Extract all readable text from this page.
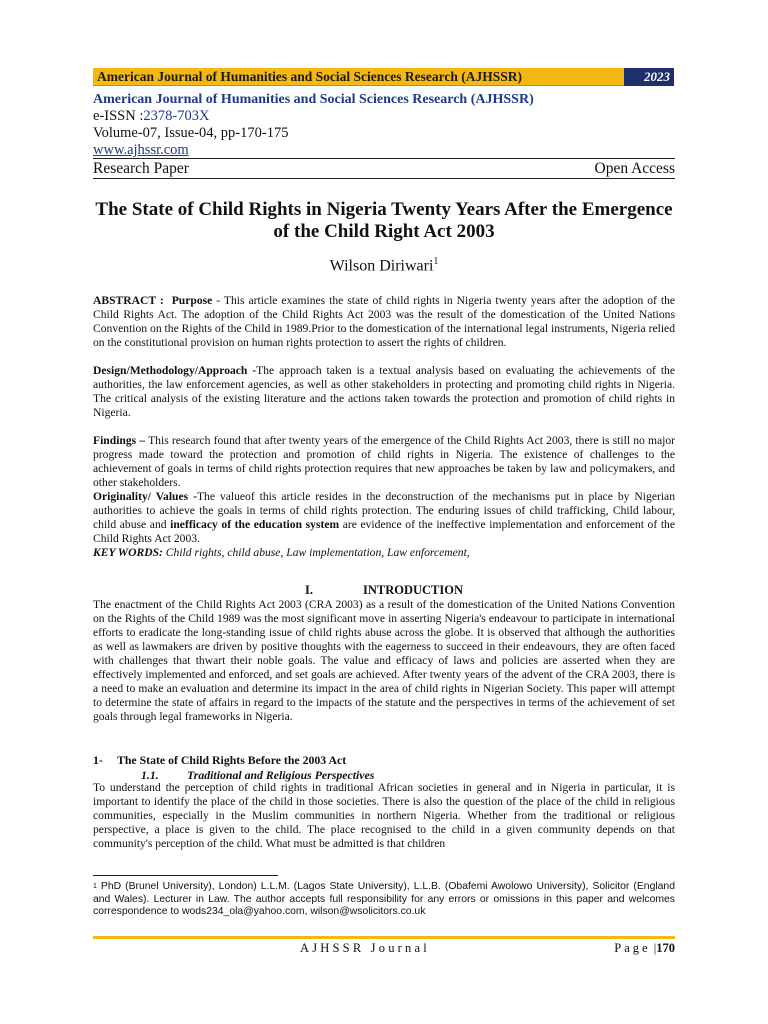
American Journal of Humanities and Social Sciences Research (AJHSSR)	2023
American Journal of Humanities and Social Sciences Research (AJHSSR)
e-ISSN :2378-703X
Volume-07, Issue-04, pp-170-175
www.ajhssr.com
Research Paper	Open Access
The State of Child Rights in Nigeria Twenty Years After the Emergence of the Child Right Act 2003
Wilson Diriwari$^1$
ABSTRACT : Purpose - This article examines the state of child rights in Nigeria twenty years after the adoption of the Child Rights Act. The adoption of the Child Rights Act 2003 was the result of the domestication of the United Nations Convention on the Rights of the Child in 1989.Prior to the domestication of the international legal instruments, Nigeria relied on the constitutional provision on human rights protection to assert the rights of children.
Design/Methodology/Approach -The approach taken is a textual analysis based on evaluating the achievements of the authorities, the law enforcement agencies, as well as other stakeholders in protecting and promoting child rights in Nigeria. The critical analysis of the existing literature and the actions taken towards the protection and promotion of child rights in Nigeria.
Findings – This research found that after twenty years of the emergence of the Child Rights Act 2003, there is still no major progress made toward the protection and promotion of child rights in Nigeria. The existence of challenges to the achievement of goals in terms of child rights protection requires that new approaches be taken by law and policymakers, and other stakeholders.
Originality/ Values -The valueof this article resides in the deconstruction of the mechanisms put in place by Nigerian authorities to achieve the goals in terms of child rights protection. The enduring issues of child trafficking, Child labour, child abuse and inefficacy of the education system are evidence of the ineffective implementation and enforcement of the Child Rights Act 2003.
KEY WORDS: Child rights, child abuse, Law implementation, Law enforcement,
I.	INTRODUCTION
The enactment of the Child Rights Act 2003 (CRA 2003) as a result of the domestication of the United Nations Convention on the Rights of the Child 1989 was the most significant move in asserting Nigeria's endeavour to participate in international efforts to eradicate the long-standing issue of child rights abuse across the globe. It is observed that although the authorities as well as lawmakers are driven by positive thoughts with the eagerness to succeed in their endeavours, they are often faced with challenges that thwart their noble goals. The value and efficacy of laws and policies are asserted when they are effectively implemented and enforced, and set goals are achieved. After twenty years of the advent of the CRA 2003, there is a need to make an evaluation and determine its impact in the area of child rights in Nigerian Society. This paper will attempt to determine the state of affairs in regard to the impacts of the statute and the perspectives in terms of the achievement of set goals through legal frameworks in Nigeria.
1- The State of Child Rights Before the 2003 Act
1.1. Traditional and Religious Perspectives
To understand the perception of child rights in traditional African societies in general and in Nigeria in particular, it is important to identify the place of the child in those societies. There is also the question of the place of the child in religious communities, especially in the Muslim communities in northern Nigeria. Whether from the traditional or religious perspective, a place is given to the child. The place recognised to the child in a given community depends on that community's perception of the child. What must be admitted is that children
$^1$ PhD (Brunel University), London) L.L.M. (Lagos State University), L.L.B. (Obafemi Awolowo University), Solicitor (England and Wales). Lecturer in Law. The author accepts full responsibility for any errors or omissions in this paper and welcomes correspondence to wods234_ola@yahoo.com, wilson@wsolicitors.co.uk
AJHSSR Journal	Page |170
